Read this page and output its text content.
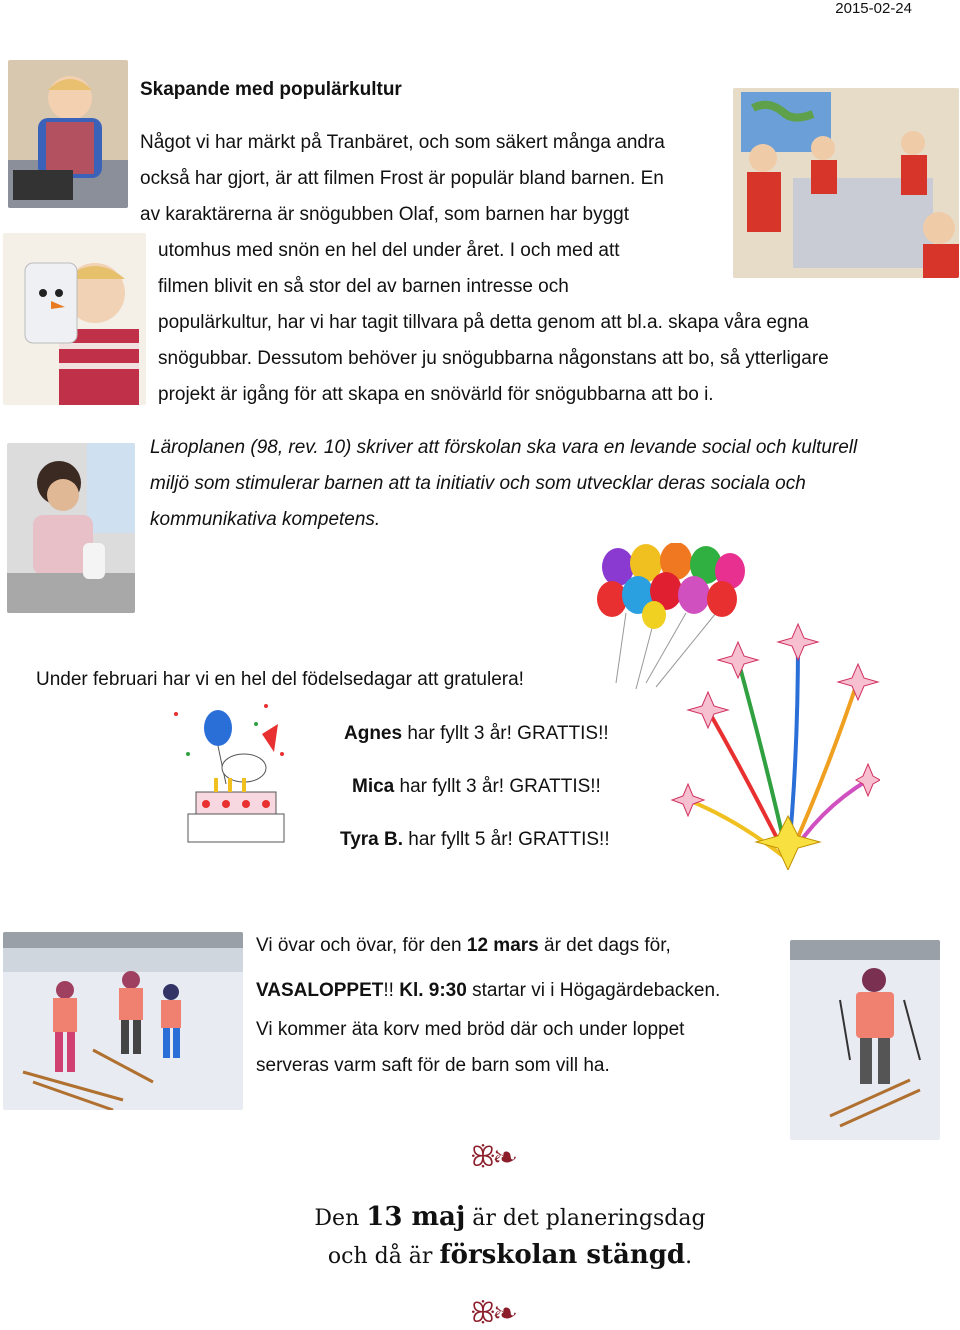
2015-02-24
Skapande med populärkultur
Något vi har märkt på Tranbäret, och som säkert många andra
också har gjort, är att filmen Frost är populär bland barnen. En
av karaktärerna är snögubben Olaf, som barnen har byggt
utomhus med snön en hel del under året. I och med att
filmen blivit en så stor del av barnen intresse och
populärkultur, har vi har tagit tillvara på detta genom att bl.a. skapa våra egna
snögubbar. Dessutom behöver ju snögubbarna någonstans att bo, så ytterligare
projekt är igång för att skapa en snövärld för snögubbarna att bo i.
Läroplanen (98, rev. 10) skriver att förskolan ska vara en levande social och kulturell
miljö som stimulerar barnen att ta initiativ och som utvecklar deras sociala och
kommunikativa kompetens.
Under februari har vi en hel del födelsedagar att gratulera!
Agnes har fyllt 3 år! GRATTIS!!
Mica har fyllt 3 år! GRATTIS!!
Tyra B. har fyllt 5 år! GRATTIS!!
Vi övar och övar, för den 12 mars är det dags för,
VASALOPPET!! Kl. 9:30 startar vi i Högagärdebacken.
Vi kommer äta korv med bröd där och under loppet
serveras varm saft för de barn som vill ha.
ꕥ❧
Den 13 maj är det planeringsdag
och då är förskolan stängd.
ꕥ❧
